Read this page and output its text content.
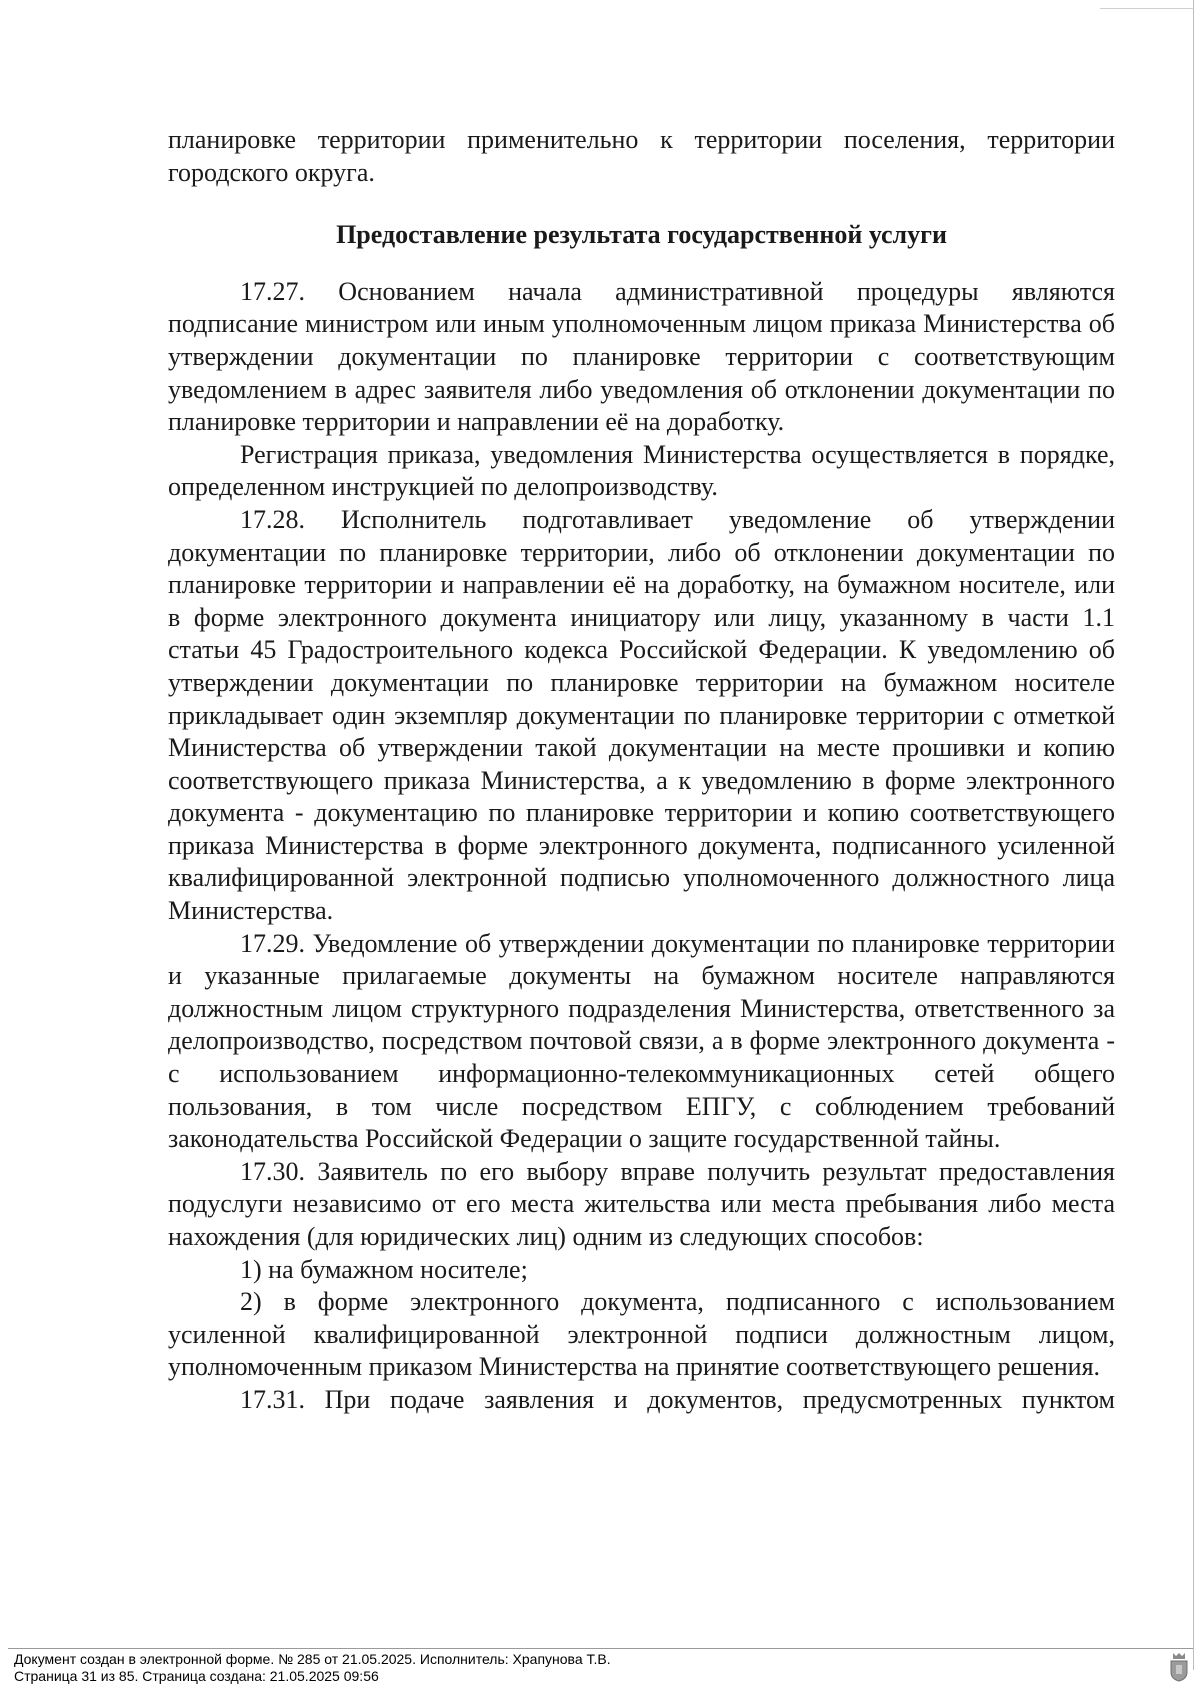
планировке территории применительно к территории поселения, территории городского округа.

Предоставление результата государственной услуги

17.27. Основанием начала административной процедуры являются подписание министром или иным уполномоченным лицом приказа Министерства об утверждении документации по планировке территории с соответствующим уведомлением в адрес заявителя либо уведомления об отклонении документации по планировке территории и направлении её на доработку.

Регистрация приказа, уведомления Министерства осуществляется в порядке, определенном инструкцией по делопроизводству.

17.28. Исполнитель подготавливает уведомление об утверждении документации по планировке территории, либо об отклонении документации по планировке территории и направлении её на доработку, на бумажном носителе, или в форме электронного документа инициатору или лицу, указанному в части 1.1 статьи 45 Градостроительного кодекса Российской Федерации. К уведомлению об утверждении документации по планировке территории на бумажном носителе прикладывает один экземпляр документации по планировке территории с отметкой Министерства об утверждении такой документации на месте прошивки и копию соответствующего приказа Министерства, а к уведомлению в форме электронного документа - документацию по планировке территории и копию соответствующего приказа Министерства в форме электронного документа, подписанного усиленной квалифицированной электронной подписью уполномоченного должностного лица Министерства.

17.29. Уведомление об утверждении документации по планировке территории и указанные прилагаемые документы на бумажном носителе направляются должностным лицом структурного подразделения Министерства, ответственного за делопроизводство, посредством почтовой связи, а в форме электронного документа - с использованием информационно-телекоммуникационных сетей общего пользования, в том числе посредством ЕПГУ, с соблюдением требований законодательства Российской Федерации о защите государственной тайны.

17.30. Заявитель по его выбору вправе получить результат предоставления подуслуги независимо от его места жительства или места пребывания либо места нахождения (для юридических лиц) одним из следующих способов:

1) на бумажном носителе;

2) в форме электронного документа, подписанного с использованием усиленной квалифицированной электронной подписи должностным лицом, уполномоченным приказом Министерства на принятие соответствующего решения.

17.31. При подаче заявления и документов, предусмотренных пунктом

Документ создан в электронной форме. № 285 от 21.05.2025. Исполнитель: Храпунова Т.В.
Страница 31 из 85. Страница создана: 21.05.2025 09:56
